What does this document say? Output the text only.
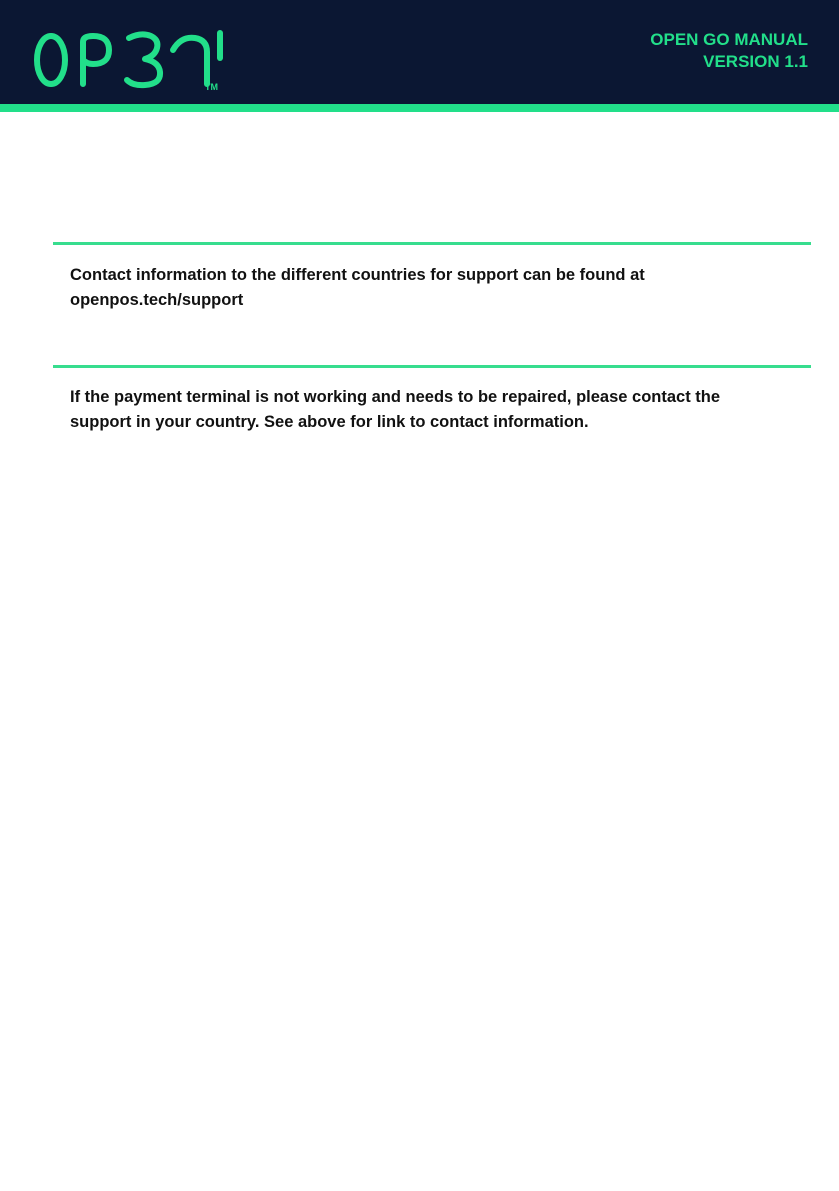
TM
OPEN GO MANUAL
VERSION 1.1

Contact information to the different countries for support can be found at
openpos.tech/support

If the payment terminal is not working and needs to be repaired, please contact the
support in your country. See above for link to contact information.
